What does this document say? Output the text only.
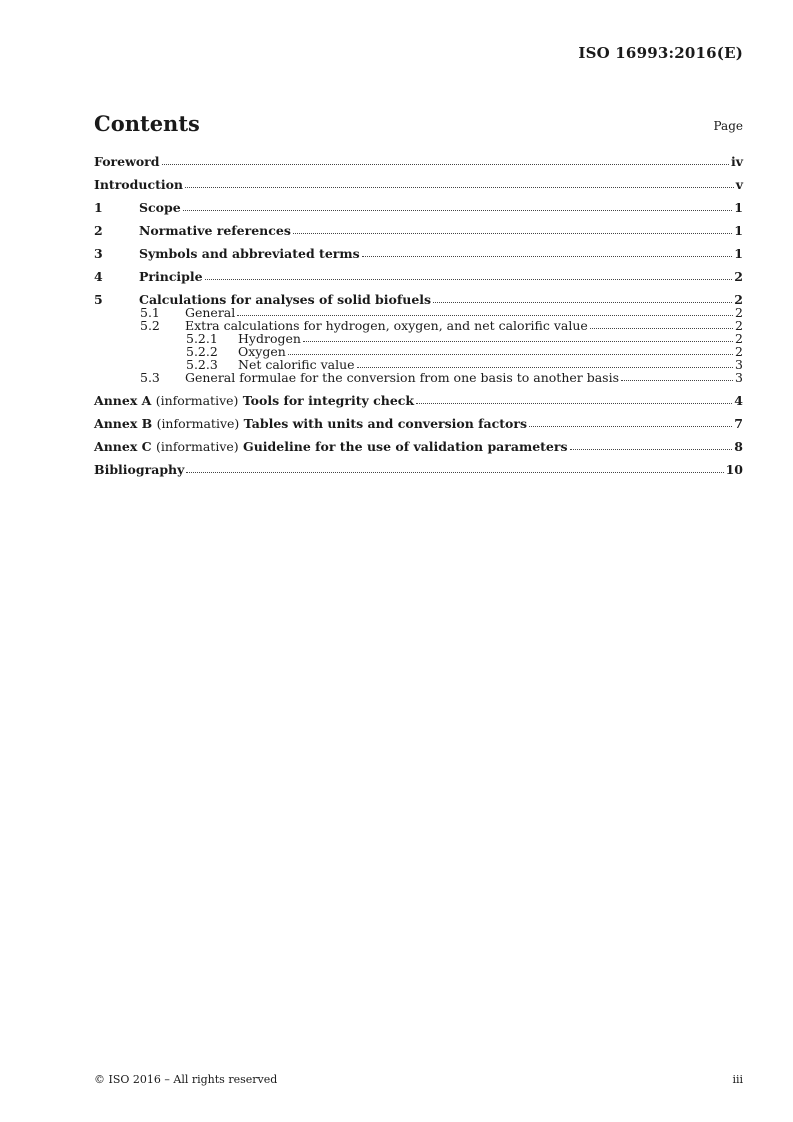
ISO 16993:2016(E)
Contents	Page
Foreword	iv
Introduction	v
1	Scope	1
2	Normative references	1
3	Symbols and abbreviated terms	1
4	Principle	2
5	Calculations for analyses of solid biofuels	2
5.1	General	2
5.2	Extra calculations for hydrogen, oxygen, and net calorific value	2
5.2.1	Hydrogen	2
5.2.2	Oxygen	2
5.2.3	Net calorific value	3
5.3	General formulae for the conversion from one basis to another basis	3
Annex A (informative) Tools for integrity check	4
Annex B (informative) Tables with units and conversion factors	7
Annex C (informative) Guideline for the use of validation parameters	8
Bibliography	10
© ISO 2016 – All rights reserved	iii
